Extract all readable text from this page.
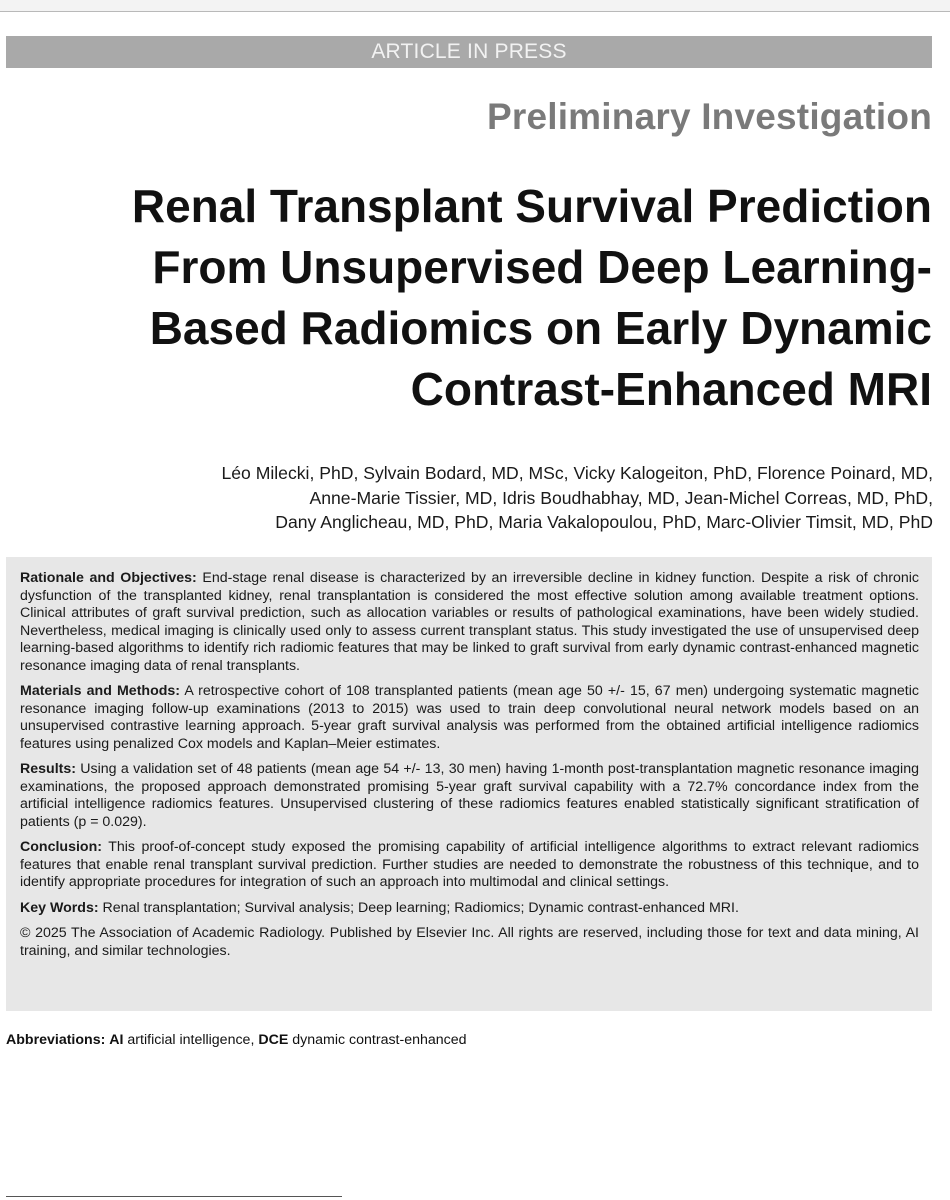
ARTICLE IN PRESS
Preliminary Investigation
Renal Transplant Survival Prediction
From Unsupervised Deep Learning-
Based Radiomics on Early Dynamic
Contrast-Enhanced MRI
Léo Milecki, PhD, Sylvain Bodard, MD, MSc, Vicky Kalogeiton, PhD, Florence Poinard, MD,
Anne-Marie Tissier, MD, Idris Boudhabhay, MD, Jean-Michel Correas, MD, PhD,
Dany Anglicheau, MD, PhD, Maria Vakalopoulou, PhD, Marc-Olivier Timsit, MD, PhD

Rationale and Objectives: End-stage renal disease is characterized by an irreversible decline in kidney function. Despite a risk of chronic dysfunction of the transplanted kidney, renal transplantation is considered the most effective solution among available treatment options. Clinical attributes of graft survival prediction, such as allocation variables or results of pathological examinations, have been widely studied. Nevertheless, medical imaging is clinically used only to assess current transplant status. This study investigated the use of unsupervised deep learning-based algorithms to identify rich radiomic features that may be linked to graft survival from early dynamic contrast-enhanced magnetic resonance imaging data of renal transplants.

Materials and Methods: A retrospective cohort of 108 transplanted patients (mean age 50 +/- 15, 67 men) undergoing systematic magnetic resonance imaging follow-up examinations (2013 to 2015) was used to train deep convolutional neural network models based on an unsupervised contrastive learning approach. 5-year graft survival analysis was performed from the obtained artificial intelligence radiomics features using penalized Cox models and Kaplan–Meier estimates.

Results: Using a validation set of 48 patients (mean age 54 +/- 13, 30 men) having 1-month post-transplantation magnetic resonance imaging examinations, the proposed approach demonstrated promising 5-year graft survival capability with a 72.7% concordance index from the artificial intelligence radiomics features. Unsupervised clustering of these radiomics features enabled statistically significant stratification of patients (p = 0.029).

Conclusion: This proof-of-concept study exposed the promising capability of artificial intelligence algorithms to extract relevant radiomics features that enable renal transplant survival prediction. Further studies are needed to demonstrate the robustness of this technique, and to identify appropriate procedures for integration of such an approach into multimodal and clinical settings.

Key Words: Renal transplantation; Survival analysis; Deep learning; Radiomics; Dynamic contrast-enhanced MRI.

© 2025 The Association of Academic Radiology. Published by Elsevier Inc. All rights are reserved, including those for text and data mining, AI training, and similar technologies.

Abbreviations: AI artificial intelligence, DCE dynamic contrast-enhanced
